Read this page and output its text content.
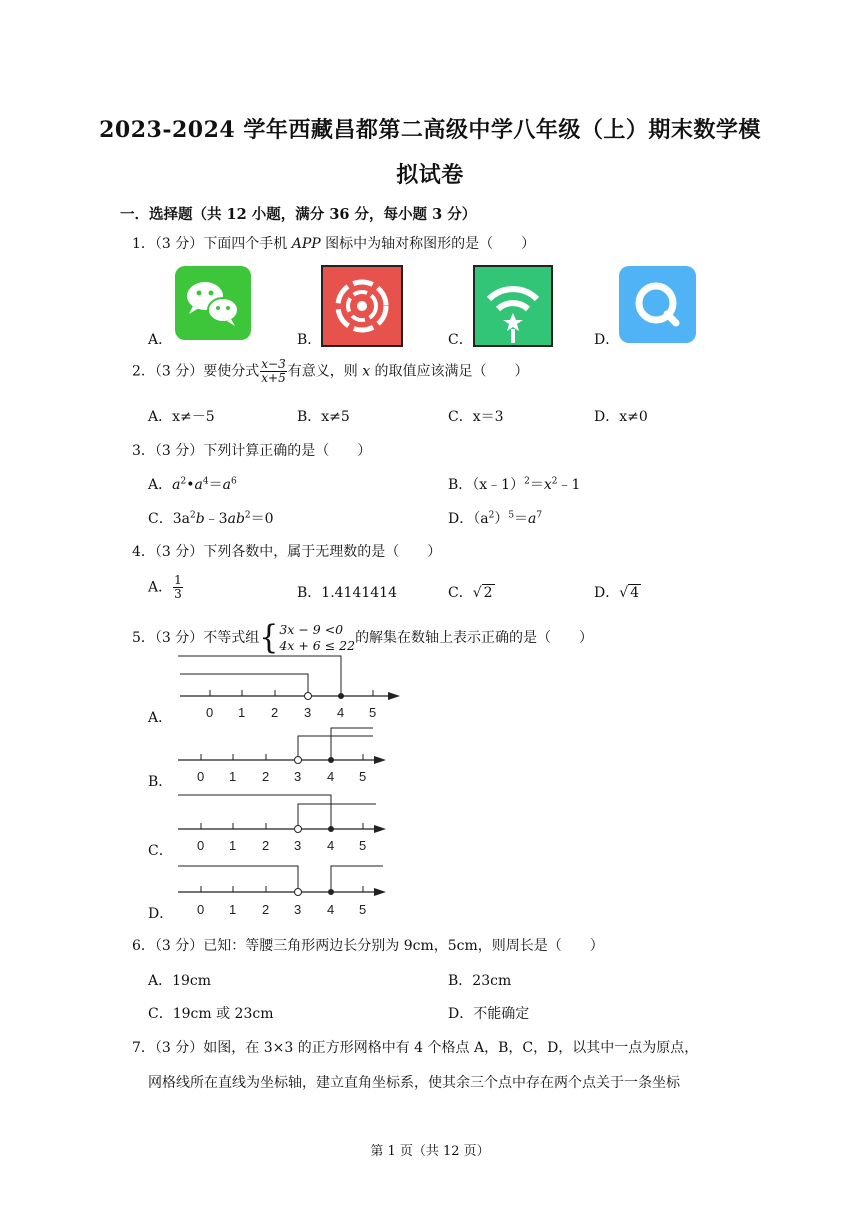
2023-2024 学年西藏昌都第二高级中学八年级（上）期末数学模
拟试卷
一．选择题（共 12 小题，满分 36 分，每小题 3 分）
1．（3 分）下面四个手机 APP 图标中为轴对称图形的是（　　）
A．	B．	C．	D．
2．（3 分）要使分式 $\frac{x-3}{x+5}$ 有意义，则 x 的取值应该满足（　　）
A．x≠－5	B．x≠5	C．x＝3	D．x≠0
3．（3 分）下列计算正确的是（　　）
A．$a^2•a^4=a^6$	B．$(x﹣1)^2=x^2﹣1$
C．$3a^2b﹣3ab^2=0$	D．$(a^2)^5=a^7$
4．（3 分）下列各数中，属于无理数的是（　　）
A． $\frac{1}{3}$	B．1.4141414	C．√ 2	D．√ 4
5．（3 分）不等式组 { 3x − 9 <0
4x + 6 ≤ 22 的解集在数轴上表示正确的是（　　）
A．
B．
C．
D．
0 1 2 3 4 5
0 1 2 3 4 5
0 1 2 3 4 5
0 1 2 3 4 5
6．（3 分）已知：等腰三角形两边长分别为 9cm，5cm，则周长是（　　）
A．19cm	B．23cm
C．19cm 或 23cm	D．不能确定
7．（3 分）如图，在 3×3 的正方形网格中有 4 个格点 A，B，C，D，以其中一点为原点，
网格线所在直线为坐标轴，建立直角坐标系，使其余三个点中存在两个点关于一条坐标
第 1 页（共 12 页）
